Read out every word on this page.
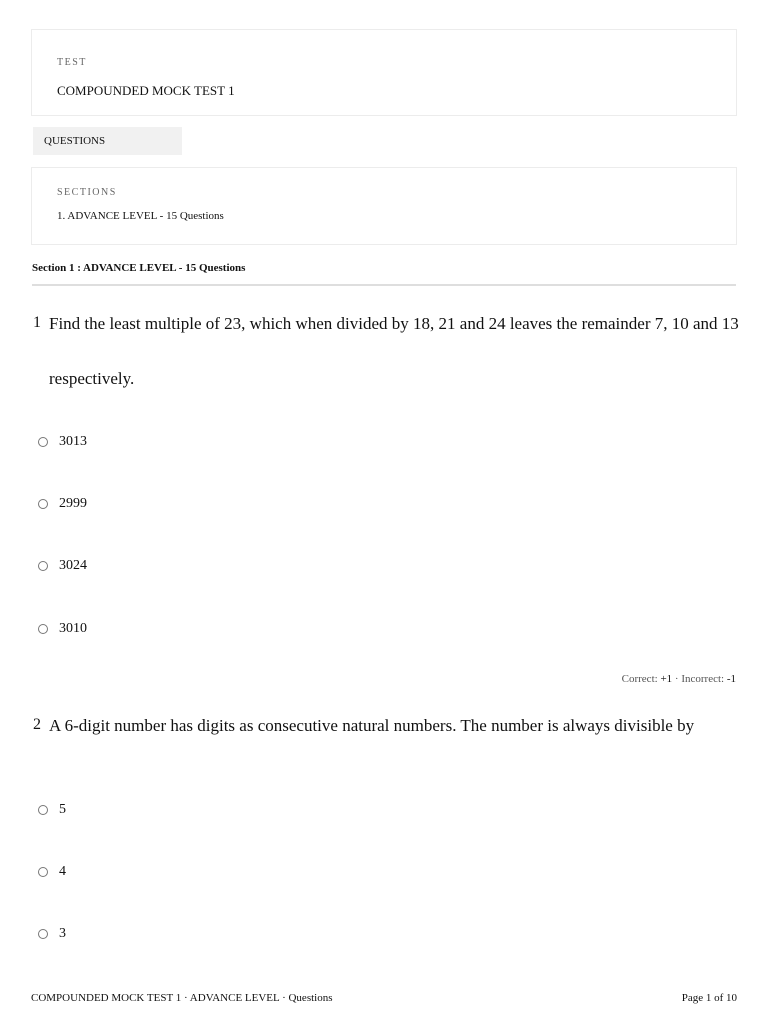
TEST
COMPOUNDED MOCK TEST 1
QUESTIONS
SECTIONS
1. ADVANCE LEVEL - 15 Questions
Section 1 : ADVANCE LEVEL - 15 Questions
1 Find the least multiple of 23, which when divided by 18, 21 and 24 leaves the remainder 7, 10 and 13
respectively.
3013
2999
3024
3010
Correct: +1 · Incorrect: -1
2 A 6-digit number has digits as consecutive natural numbers. The number is always divisible by
5
4
3
COMPOUNDED MOCK TEST 1 · ADVANCE LEVEL · Questions	Page 1 of 10
